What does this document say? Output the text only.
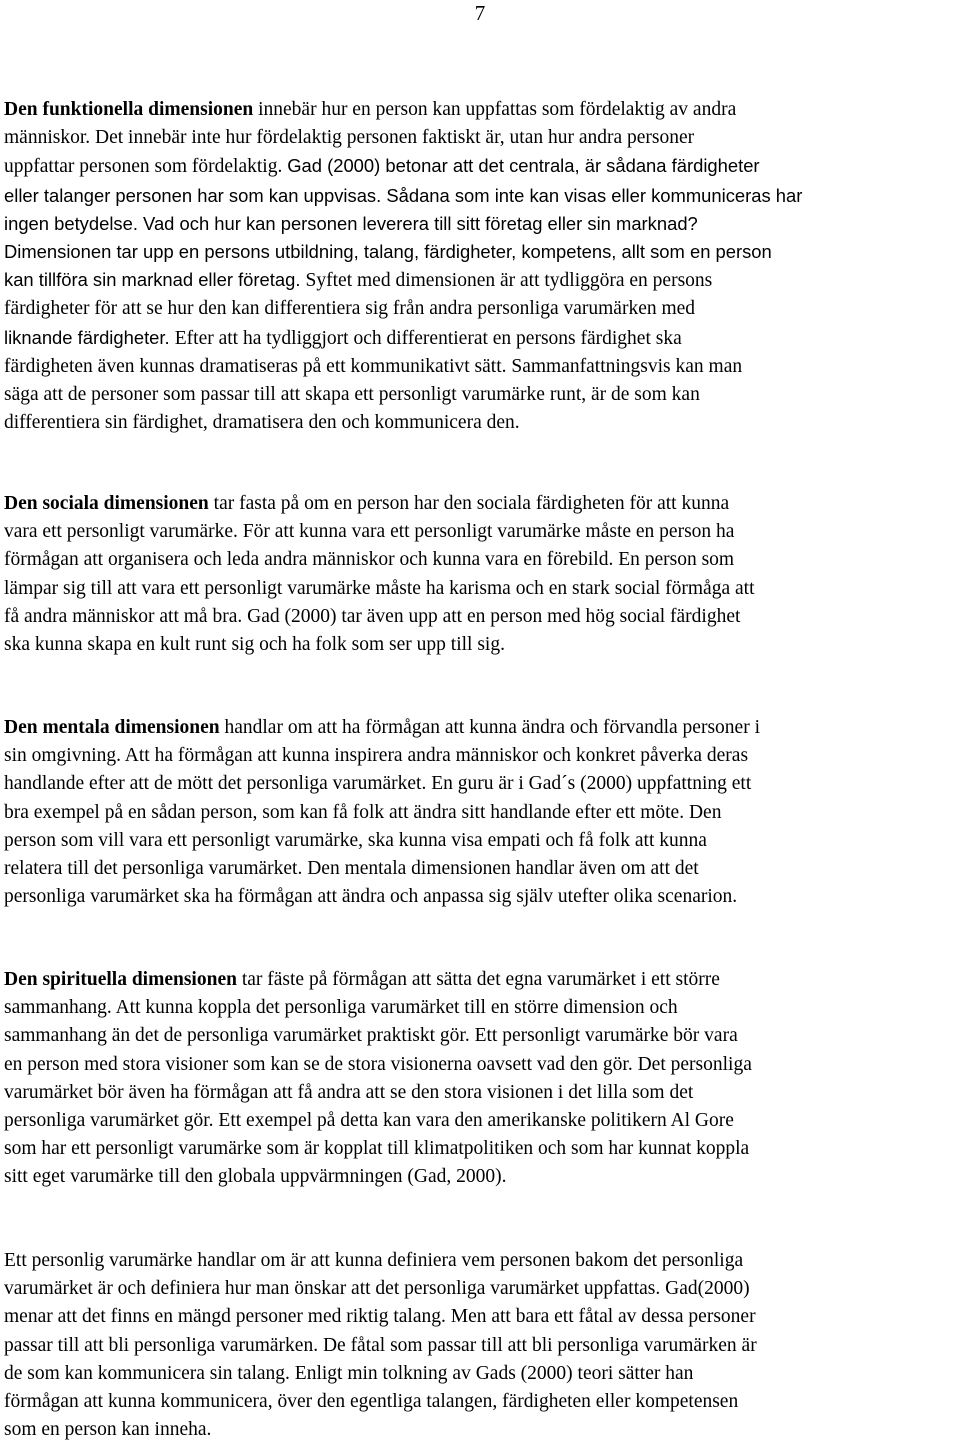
7
Den funktionella dimensionen innebär hur en person kan uppfattas som fördelaktig av andra
människor. Det innebär inte hur fördelaktig personen faktiskt är, utan hur andra personer
uppfattar personen som fördelaktig. Gad (2000) betonar att det centrala, är sådana färdigheter
eller talanger personen har som kan uppvisas. Sådana som inte kan visas eller kommuniceras har
ingen betydelse. Vad och hur kan personen leverera till sitt företag eller sin marknad?
Dimensionen tar upp en persons utbildning, talang, färdigheter, kompetens, allt som en person
kan tillföra sin marknad eller företag. Syftet med dimensionen är att tydliggöra en persons
färdigheter för att se hur den kan differentiera sig från andra personliga varumärken med
liknande färdigheter. Efter att ha tydliggjort och differentierat en persons färdighet ska
färdigheten även kunnas dramatiseras på ett kommunikativt sätt. Sammanfattningsvis kan man
säga att de personer som passar till att skapa ett personligt varumärke runt, är de som kan
differentiera sin färdighet, dramatisera den och kommunicera den.
Den sociala dimensionen tar fasta på om en person har den sociala färdigheten för att kunna
vara ett personligt varumärke. För att kunna vara ett personligt varumärke måste en person ha
förmågan att organisera och leda andra människor och kunna vara en förebild. En person som
lämpar sig till att vara ett personligt varumärke måste ha karisma och en stark social förmåga att
få andra människor att må bra. Gad (2000) tar även upp att en person med hög social färdighet
ska kunna skapa en kult runt sig och ha folk som ser upp till sig.
Den mentala dimensionen handlar om att ha förmågan att kunna ändra och förvandla personer i
sin omgivning. Att ha förmågan att kunna inspirera andra människor och konkret påverka deras
handlande efter att de mött det personliga varumärket. En guru är i Gad´s (2000) uppfattning ett
bra exempel på en sådan person, som kan få folk att ändra sitt handlande efter ett möte. Den
person som vill vara ett personligt varumärke, ska kunna visa empati och få folk att kunna
relatera till det personliga varumärket. Den mentala dimensionen handlar även om att det
personliga varumärket ska ha förmågan att ändra och anpassa sig själv utefter olika scenarion.
Den spirituella dimensionen tar fäste på förmågan att sätta det egna varumärket i ett större
sammanhang. Att kunna koppla det personliga varumärket till en större dimension och
sammanhang än det de personliga varumärket praktiskt gör. Ett personligt varumärke bör vara
en person med stora visioner som kan se de stora visionerna oavsett vad den gör. Det personliga
varumärket bör även ha förmågan att få andra att se den stora visionen i det lilla som det
personliga varumärket gör. Ett exempel på detta kan vara den amerikanske politikern Al Gore
som har ett personligt varumärke som är kopplat till klimatpolitiken och som har kunnat koppla
sitt eget varumärke till den globala uppvärmningen (Gad, 2000).
Ett personlig varumärke handlar om är att kunna definiera vem personen bakom det personliga
varumärket är och definiera hur man önskar att det personliga varumärket uppfattas. Gad(2000)
menar att det finns en mängd personer med riktig talang. Men att bara ett fåtal av dessa personer
passar till att bli personliga varumärken. De fåtal som passar till att bli personliga varumärken är
de som kan kommunicera sin talang. Enligt min tolkning av Gads (2000) teori sätter han
förmågan att kunna kommunicera, över den egentliga talangen, färdigheten eller kompetensen
som en person kan inneha.
